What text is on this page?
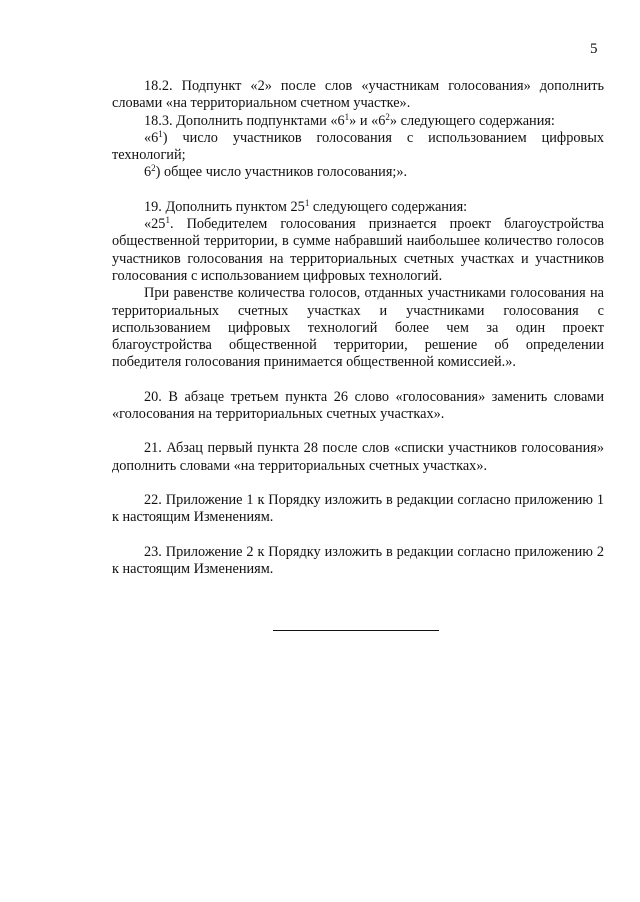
5

18.2. Подпункт «2» после слов «участникам голосования» дополнить словами «на территориальном счетном участке».

18.3. Дополнить подпунктами «$6^1$» и «$6^2$» следующего содержания:

«$6^1$) число участников голосования с использованием цифровых технологий;

$6^2$) общее число участников голосования;».

19. Дополнить пунктом $25^1$ следующего содержания:

«$25^1$. Победителем голосования признается проект благоустройства общественной территории, в сумме набравший наибольшее количество голосов участников голосования на территориальных счетных участках и участников голосования с использованием цифровых технологий.

При равенстве количества голосов, отданных участниками голосования на территориальных счетных участках и участниками голосования с использованием цифровых технологий более чем за один проект благоустройства общественной территории, решение об определении победителя голосования принимается общественной комиссией.».

20. В абзаце третьем пункта 26 слово «голосования» заменить словами «голосования на территориальных счетных участках».

21. Абзац первый пункта 28 после слов «списки участников голосования» дополнить словами «на территориальных счетных участках».

22. Приложение 1 к Порядку изложить в редакции согласно приложению 1 к настоящим Изменениям.

23. Приложение 2 к Порядку изложить в редакции согласно приложению 2 к настоящим Изменениям.
